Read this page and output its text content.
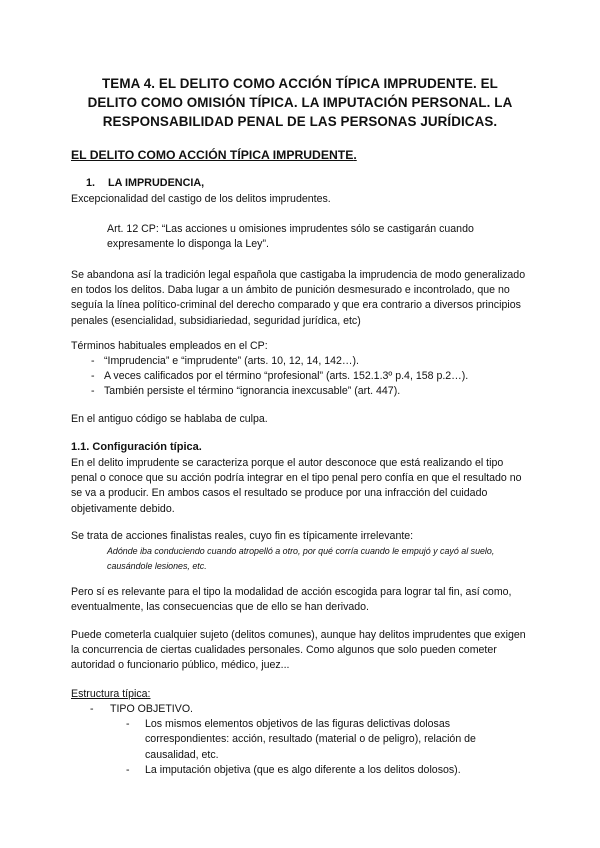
TEMA 4. EL DELITO COMO ACCIÓN TÍPICA IMPRUDENTE. EL
DELITO COMO OMISIÓN TÍPICA. LA IMPUTACIÓN PERSONAL. LA
RESPONSABILIDAD PENAL DE LAS PERSONAS JURÍDICAS.
EL DELITO COMO ACCIÓN TÍPICA IMPRUDENTE.
1. LA IMPRUDENCIA,

Excepcionalidad del castigo de los delitos imprudentes.

Art. 12 CP: “Las acciones u omisiones imprudentes sólo se castigarán cuando expresamente lo disponga la Ley”.

Se abandona así la tradición legal española que castigaba la imprudencia de modo generalizado en todos los delitos. Daba lugar a un ámbito de punición desmesurado e incontrolado, que no seguía la línea político-criminal del derecho comparado y que era contrario a diversos principios penales (esencialidad, subsidiariedad, seguridad jurídica, etc)

Términos habituales empleados en el CP:

- “Imprudencia” e “imprudente” (arts. 10, 12, 14, 142…).
- A veces calificados por el término “profesional” (arts. 152.1.3º p.4, 158 p.2…).
- También persiste el término “ignorancia inexcusable” (art. 447).

En el antiguo código se hablaba de culpa.

1.1. Configuración típica.

En el delito imprudente se caracteriza porque el autor desconoce que está realizando el tipo penal o conoce que su acción podría integrar en el tipo penal pero confía en que el resultado no se va a producir. En ambos casos el resultado se produce por una infracción del cuidado objetivamente debido.

Se trata de acciones finalistas reales, cuyo fin es típicamente irrelevante:

Adónde iba conduciendo cuando atropelló a otro, por qué corría cuando le empujó y cayó al suelo, causándole lesiones, etc.

Pero sí es relevante para el tipo la modalidad de acción escogida para lograr tal fin, así como, eventualmente, las consecuencias que de ello se han derivado.

Puede cometerla cualquier sujeto (delitos comunes), aunque hay delitos imprudentes que exigen la concurrencia de ciertas cualidades personales. Como algunos que solo pueden cometer autoridad o funcionario público, médico, juez...

Estructura típica:

- TIPO OBJETIVO.
- Los mismos elementos objetivos de las figuras delictivas dolosas correspondientes: acción, resultado (material o de peligro), relación de causalidad, etc.
- La imputación objetiva (que es algo diferente a los delitos dolosos).
